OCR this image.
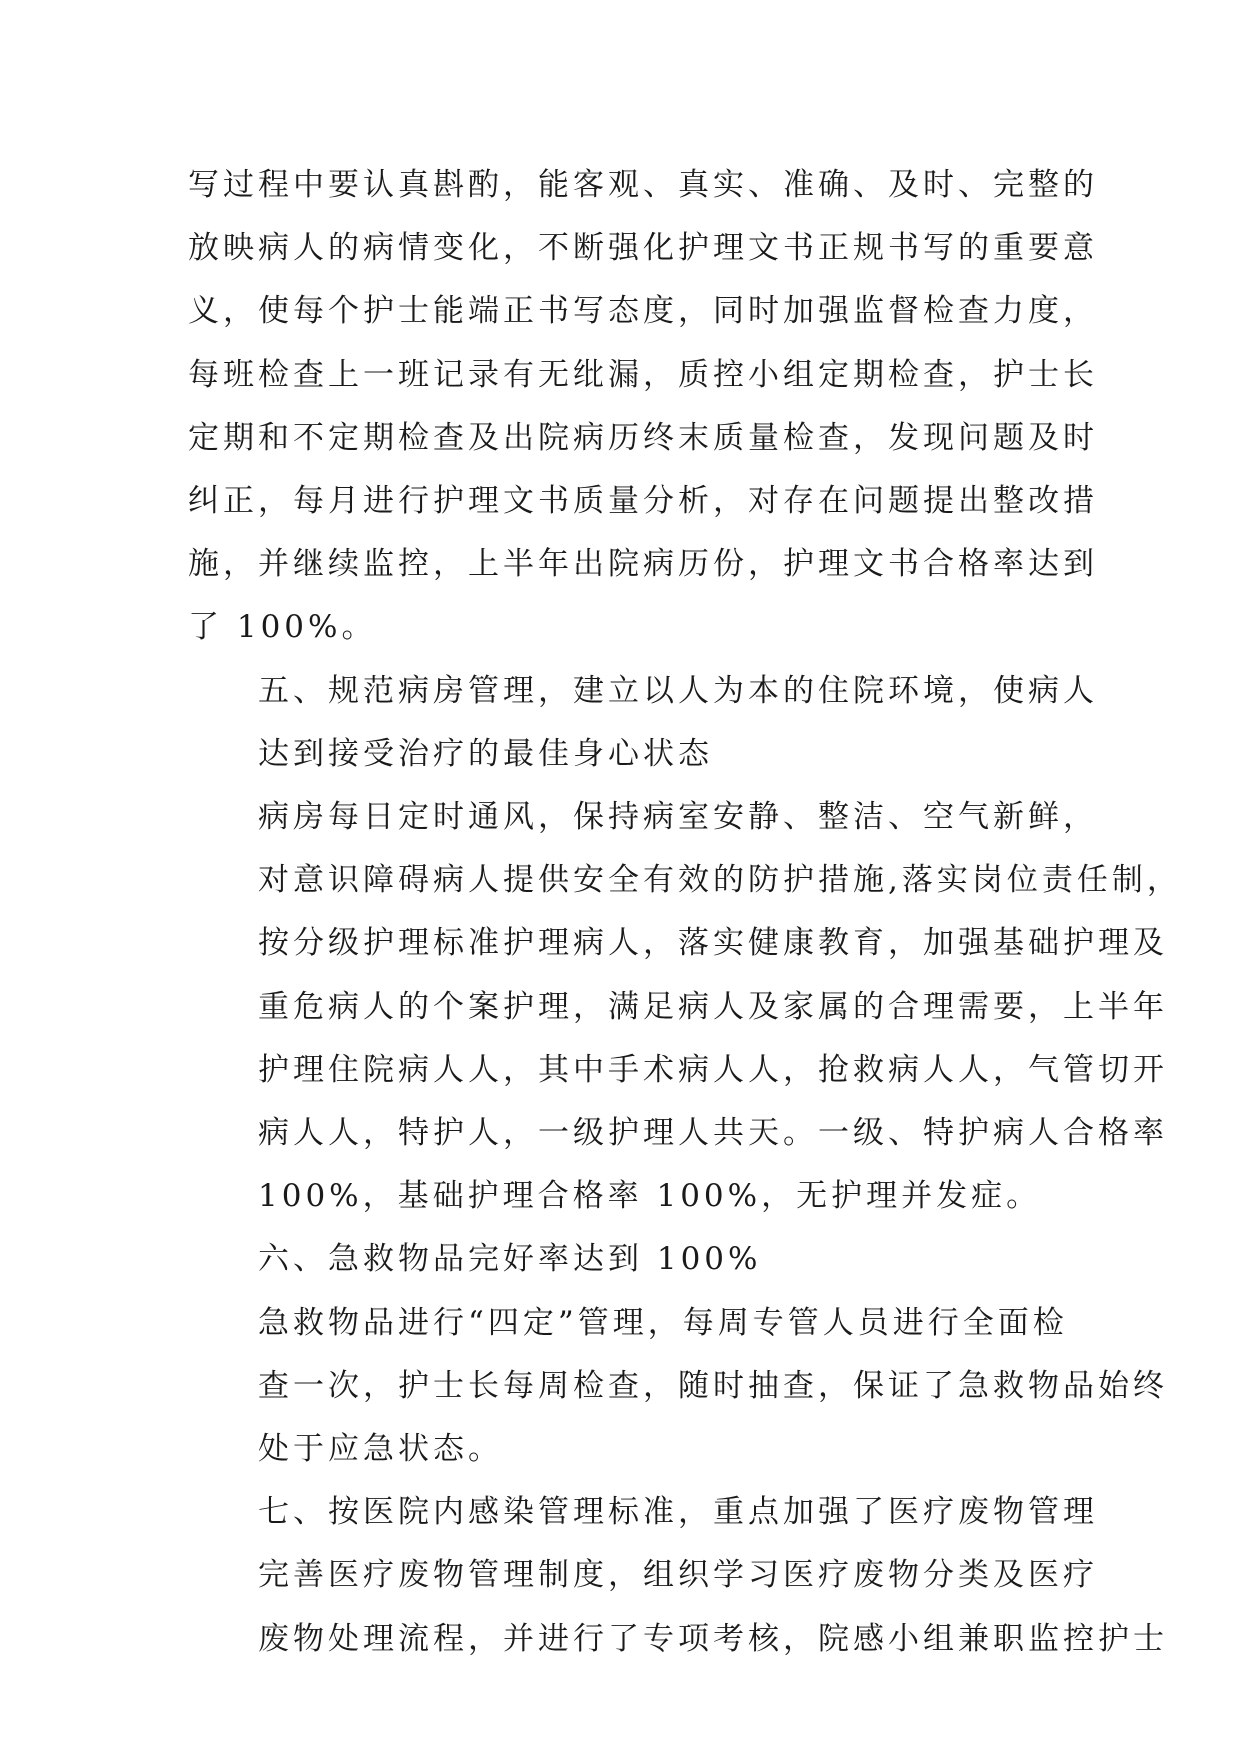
写过程中要认真斟酌，能客观、真实、准确、及时、完整的
放映病人的病情变化，不断强化护理文书正规书写的重要意
义，使每个护士能端正书写态度，同时加强监督检查力度，
每班检查上一班记录有无纰漏，质控小组定期检查，护士长
定期和不定期检查及出院病历终末质量检查，发现问题及时
纠正，每月进行护理文书质量分析，对存在问题提出整改措
施，并继续监控，上半年出院病历份，护理文书合格率达到
了 100%。

五、规范病房管理，建立以人为本的住院环境，使病人
达到接受治疗的最佳身心状态

病房每日定时通风，保持病室安静、整洁、空气新鲜，
对意识障碍病人提供安全有效的防护措施,落实岗位责任制，
按分级护理标准护理病人，落实健康教育，加强基础护理及
重危病人的个案护理，满足病人及家属的合理需要，上半年
护理住院病人人，其中手术病人人，抢救病人人，气管切开
病人人，特护人，一级护理人共天。一级、特护病人合格率
100%，基础护理合格率 100%，无护理并发症。

六、急救物品完好率达到 100%

急救物品进行“四定”管理，每周专管人员进行全面检
查一次，护士长每周检查，随时抽查，保证了急救物品始终
处于应急状态。

七、按医院内感染管理标准，重点加强了医疗废物管理

完善医疗废物管理制度，组织学习医疗废物分类及医疗
废物处理流程，并进行了专项考核，院感小组兼职监控护士
